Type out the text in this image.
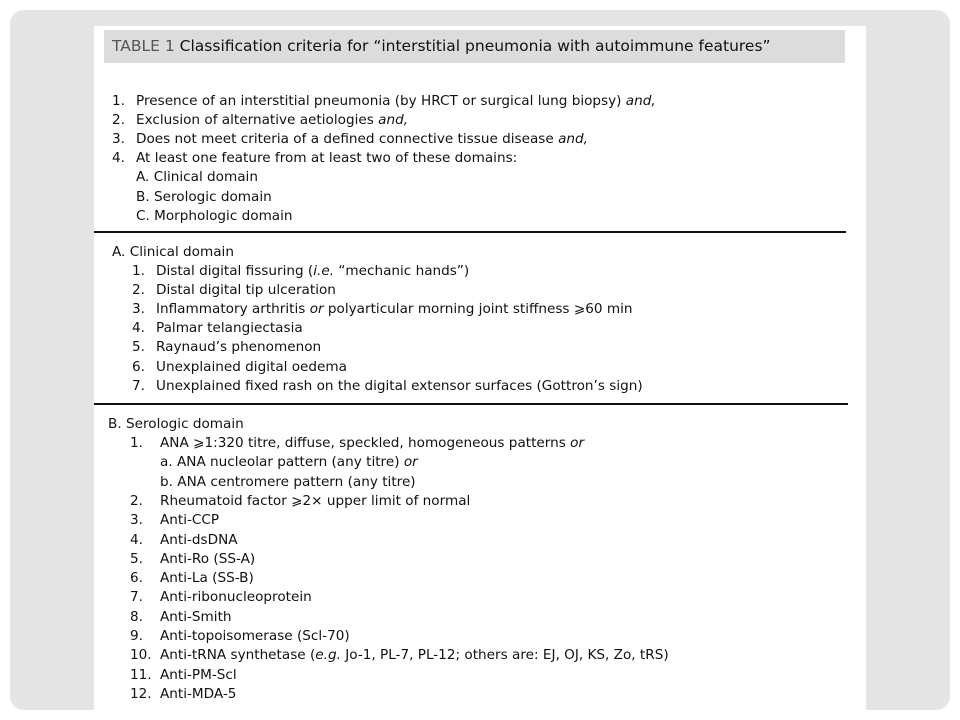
TABLE 1 Classification criteria for “interstitial pneumonia with autoimmune features”
1. Presence of an interstitial pneumonia (by HRCT or surgical lung biopsy) and,
2. Exclusion of alternative aetiologies and,
3. Does not meet criteria of a defined connective tissue disease and,
4. At least one feature from at least two of these domains:
A. Clinical domain
B. Serologic domain
C. Morphologic domain
A. Clinical domain
1. Distal digital fissuring (i.e. “mechanic hands”)
2. Distal digital tip ulceration
3. Inflammatory arthritis or polyarticular morning joint stiffness ⩾60 min
4. Palmar telangiectasia
5. Raynaud’s phenomenon
6. Unexplained digital oedema
7. Unexplained fixed rash on the digital extensor surfaces (Gottron’s sign)
B. Serologic domain
1. ANA ⩾1:320 titre, diffuse, speckled, homogeneous patterns or
a. ANA nucleolar pattern (any titre) or
b. ANA centromere pattern (any titre)
2. Rheumatoid factor ⩾2× upper limit of normal
3. Anti-CCP
4. Anti-dsDNA
5. Anti-Ro (SS-A)
6. Anti-La (SS-B)
7. Anti-ribonucleoprotein
8. Anti-Smith
9. Anti-topoisomerase (Scl-70)
10. Anti-tRNA synthetase (e.g. Jo-1, PL-7, PL-12; others are: EJ, OJ, KS, Zo, tRS)
11. Anti-PM-Scl
12. Anti-MDA-5
